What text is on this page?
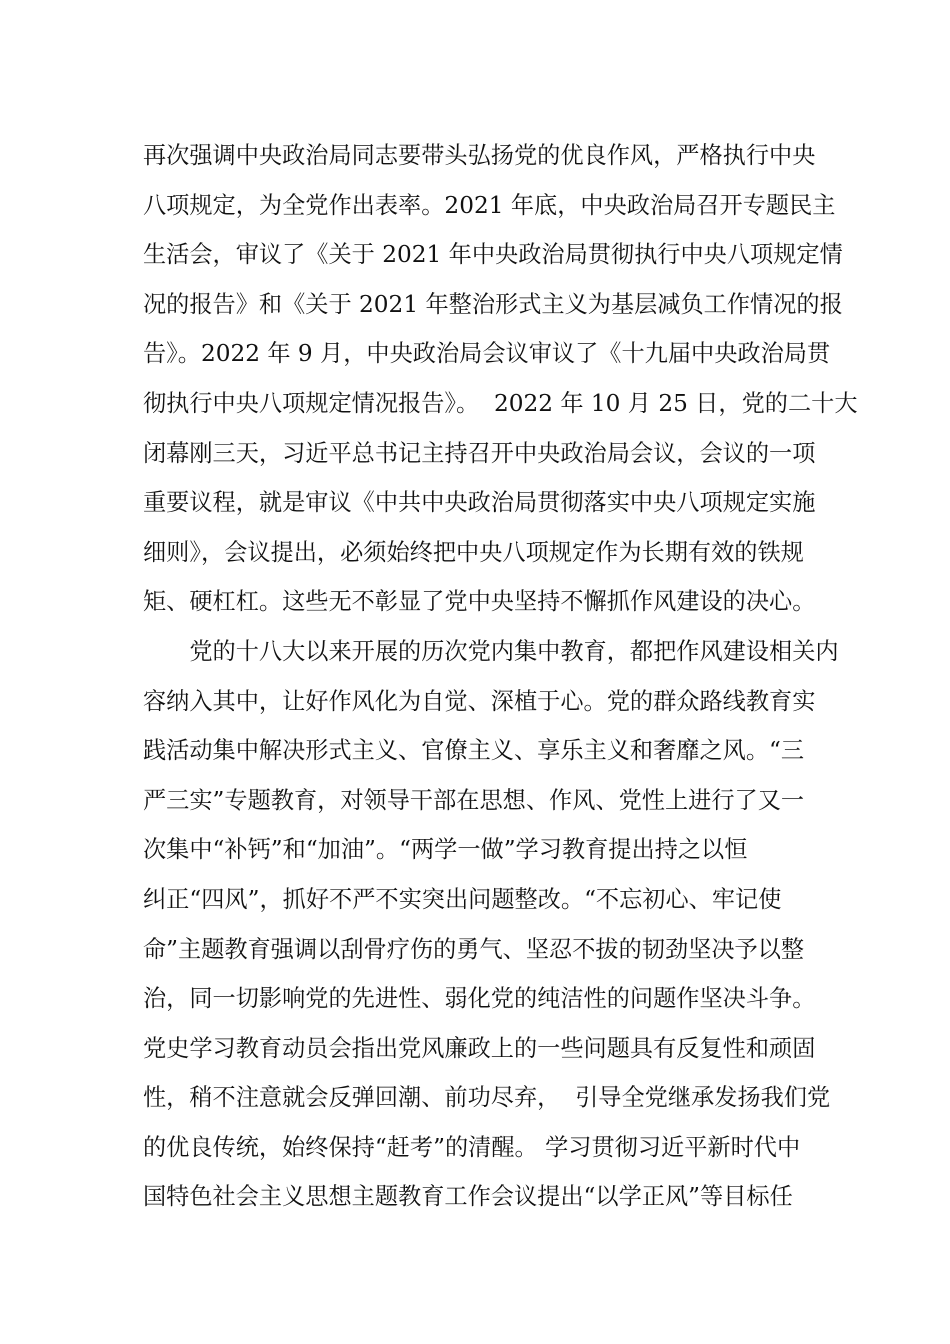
再次强调中央政治局同志要带头弘扬党的优良作风，严格执行中央
八项规定，为全党作出表率。2021 年底，中央政治局召开专题民主
生活会，审议了《关于 2021 年中央政治局贯彻执行中央八项规定情
况的报告》和《关于 2021 年整治形式主义为基层减负工作情况的报
告》。2022 年 9 月，中央政治局会议审议了《十九届中央政治局贯
彻执行中央八项规定情况报告》。  2022 年 10 月 25 日，党的二十大
闭幕刚三天，习近平总书记主持召开中央政治局会议，会议的一项
重要议程，就是审议《中共中央政治局贯彻落实中央八项规定实施
细则》，会议提出，必须始终把中央八项规定作为长期有效的铁规
矩、硬杠杠。这些无不彰显了党中央坚持不懈抓作风建设的决心。
　　党的十八大以来开展的历次党内集中教育，都把作风建设相关内
容纳入其中，让好作风化为自觉、深植于心。党的群众路线教育实
践活动集中解决形式主义、官僚主义、享乐主义和奢靡之风。“三
严三实”专题教育，对领导干部在思想、作风、党性上进行了又一
次集中“补钙”和“加油”。“两学一做”学习教育提出持之以恒
纠正“四风”，抓好不严不实突出问题整改。“不忘初心、牢记使
命”主题教育强调以刮骨疗伤的勇气、坚忍不拔的韧劲坚决予以整
治，同一切影响党的先进性、弱化党的纯洁性的问题作坚决斗争。
党史学习教育动员会指出党风廉政上的一些问题具有反复性和顽固
性，稍不注意就会反弹回潮、前功尽弃，  引导全党继承发扬我们党
的优良传统，始终保持“赶考”的清醒。 学习贯彻习近平新时代中
国特色社会主义思想主题教育工作会议提出“以学正风”等目标任
